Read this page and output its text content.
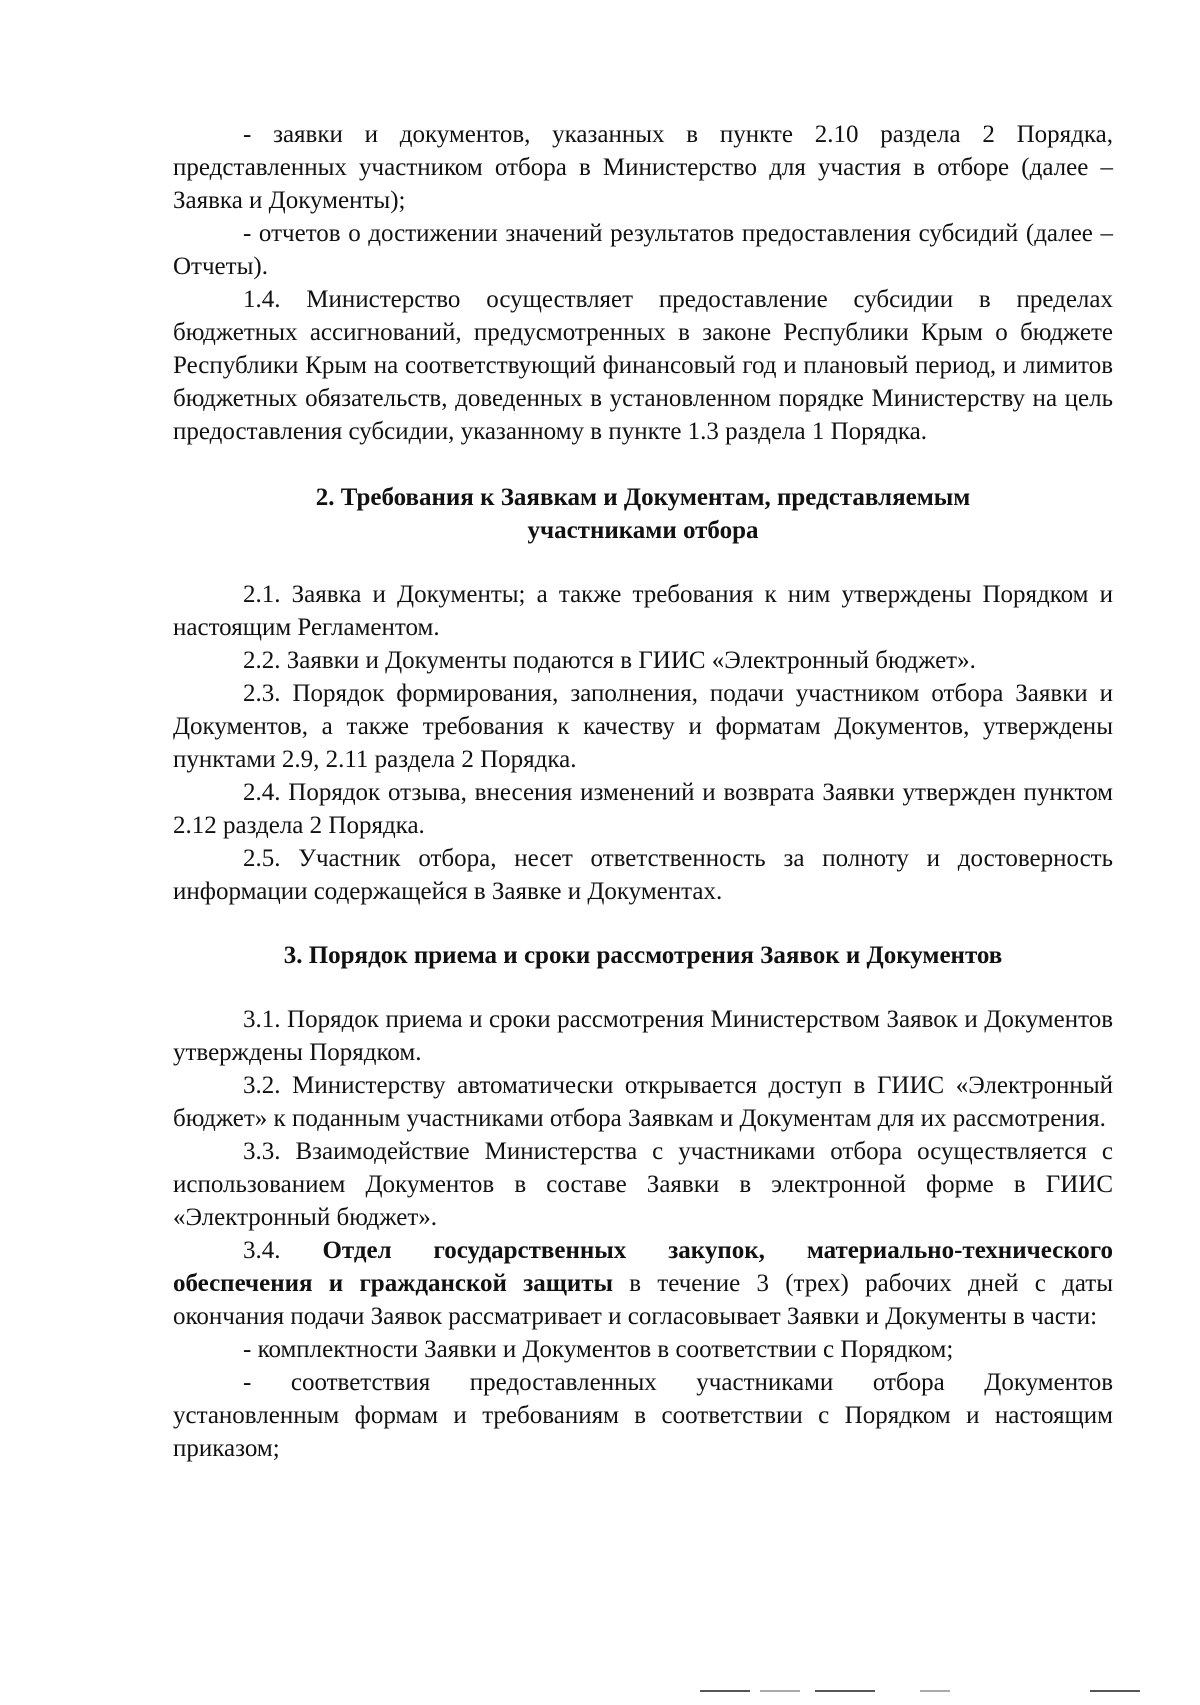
- заявки и документов, указанных в пункте 2.10 раздела 2 Порядка, представленных участником отбора в Министерство для участия в отборе (далее –Заявка и Документы);

- отчетов о достижении значений результатов предоставления субсидий (далее – Отчеты).

1.4. Министерство осуществляет предоставление субсидии в пределах бюджетных ассигнований, предусмотренных в законе Республики Крым о бюджете Республики Крым на соответствующий финансовый год и плановый период, и лимитов бюджетных обязательств, доведенных в установленном порядке Министерству на цель предоставления субсидии, указанному в пункте 1.3 раздела 1 Порядка.

2. Требования к Заявкам и Документам, представляемым участниками отбора

2.1. Заявка и Документы; а также требования к ним утверждены Порядком и настоящим Регламентом.

2.2. Заявки и Документы подаются в ГИИС «Электронный бюджет».

2.3. Порядок формирования, заполнения, подачи участником отбора Заявки и Документов, а также требования к качеству и форматам Документов, утверждены пунктами 2.9, 2.11 раздела 2 Порядка.

2.4. Порядок отзыва, внесения изменений и возврата Заявки утвержден пунктом 2.12 раздела 2 Порядка.

2.5. Участник отбора, несет ответственность за полноту и достоверность информации содержащейся в Заявке и Документах.

3. Порядок приема и сроки рассмотрения Заявок и Документов

3.1. Порядок приема и сроки рассмотрения Министерством Заявок и Документов утверждены Порядком.

3.2. Министерству автоматически открывается доступ в ГИИС «Электронный бюджет» к поданным участниками отбора Заявкам и Документам для их рассмотрения.

3.3. Взаимодействие Министерства с участниками отбора осуществляется с использованием Документов в составе Заявки в электронной форме в ГИИС «Электронный бюджет».

3.4. Отдел государственных закупок, материально-технического обеспечения и гражданской защиты в течение 3 (трех) рабочих дней с даты окончания подачи Заявок рассматривает и согласовывает Заявки и Документы в части:

- комплектности Заявки и Документов в соответствии с Порядком;

- соответствия предоставленных участниками отбора Документов установленным формам и требованиям в соответствии с Порядком и настоящим приказом;
